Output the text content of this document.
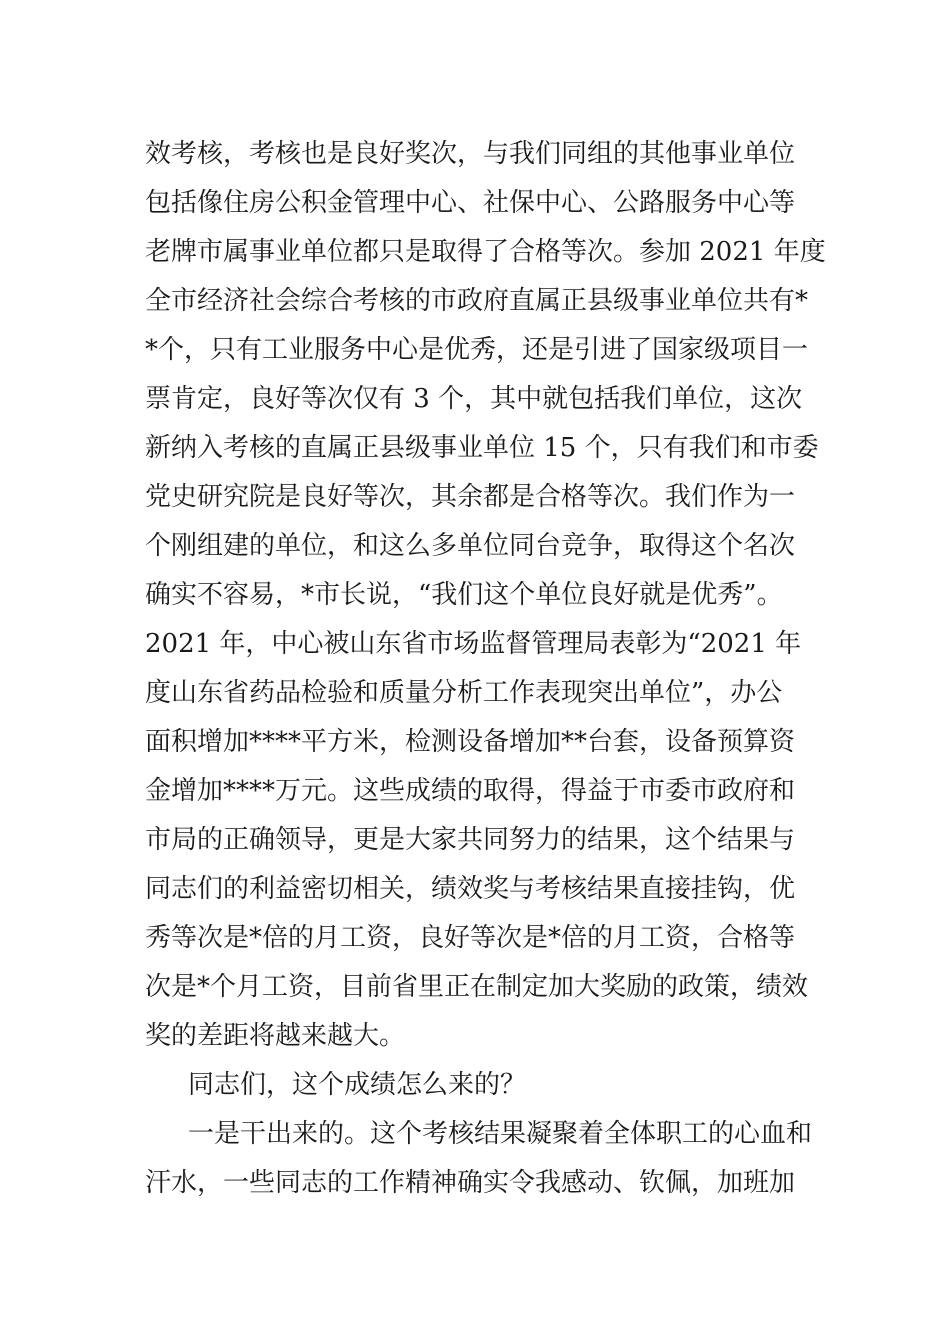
效考核，考核也是良好奖次，与我们同组的其他事业单位
包括像住房公积金管理中心、社保中心、公路服务中心等
老牌市属事业单位都只是取得了合格等次。参加 2021 年度
全市经济社会综合考核的市政府直属正县级事业单位共有*
*个，只有工业服务中心是优秀，还是引进了国家级项目一
票肯定，良好等次仅有 3 个，其中就包括我们单位，这次
新纳入考核的直属正县级事业单位 15 个，只有我们和市委
党史研究院是良好等次，其余都是合格等次。我们作为一
个刚组建的单位，和这么多单位同台竞争，取得这个名次
确实不容易，*市长说，“我们这个单位良好就是优秀”。
2021 年，中心被山东省市场监督管理局表彰为“2021 年
度山东省药品检验和质量分析工作表现突出单位”，办公
面积增加****平方米，检测设备增加**台套，设备预算资
金增加****万元。这些成绩的取得，得益于市委市政府和
市局的正确领导，更是大家共同努力的结果，这个结果与
同志们的利益密切相关，绩效奖与考核结果直接挂钩，优
秀等次是*倍的月工资，良好等次是*倍的月工资，合格等
次是*个月工资，目前省里正在制定加大奖励的政策，绩效
奖的差距将越来越大。
同志们，这个成绩怎么来的？
一是干出来的。这个考核结果凝聚着全体职工的心血和
汗水，一些同志的工作精神确实令我感动、钦佩，加班加
